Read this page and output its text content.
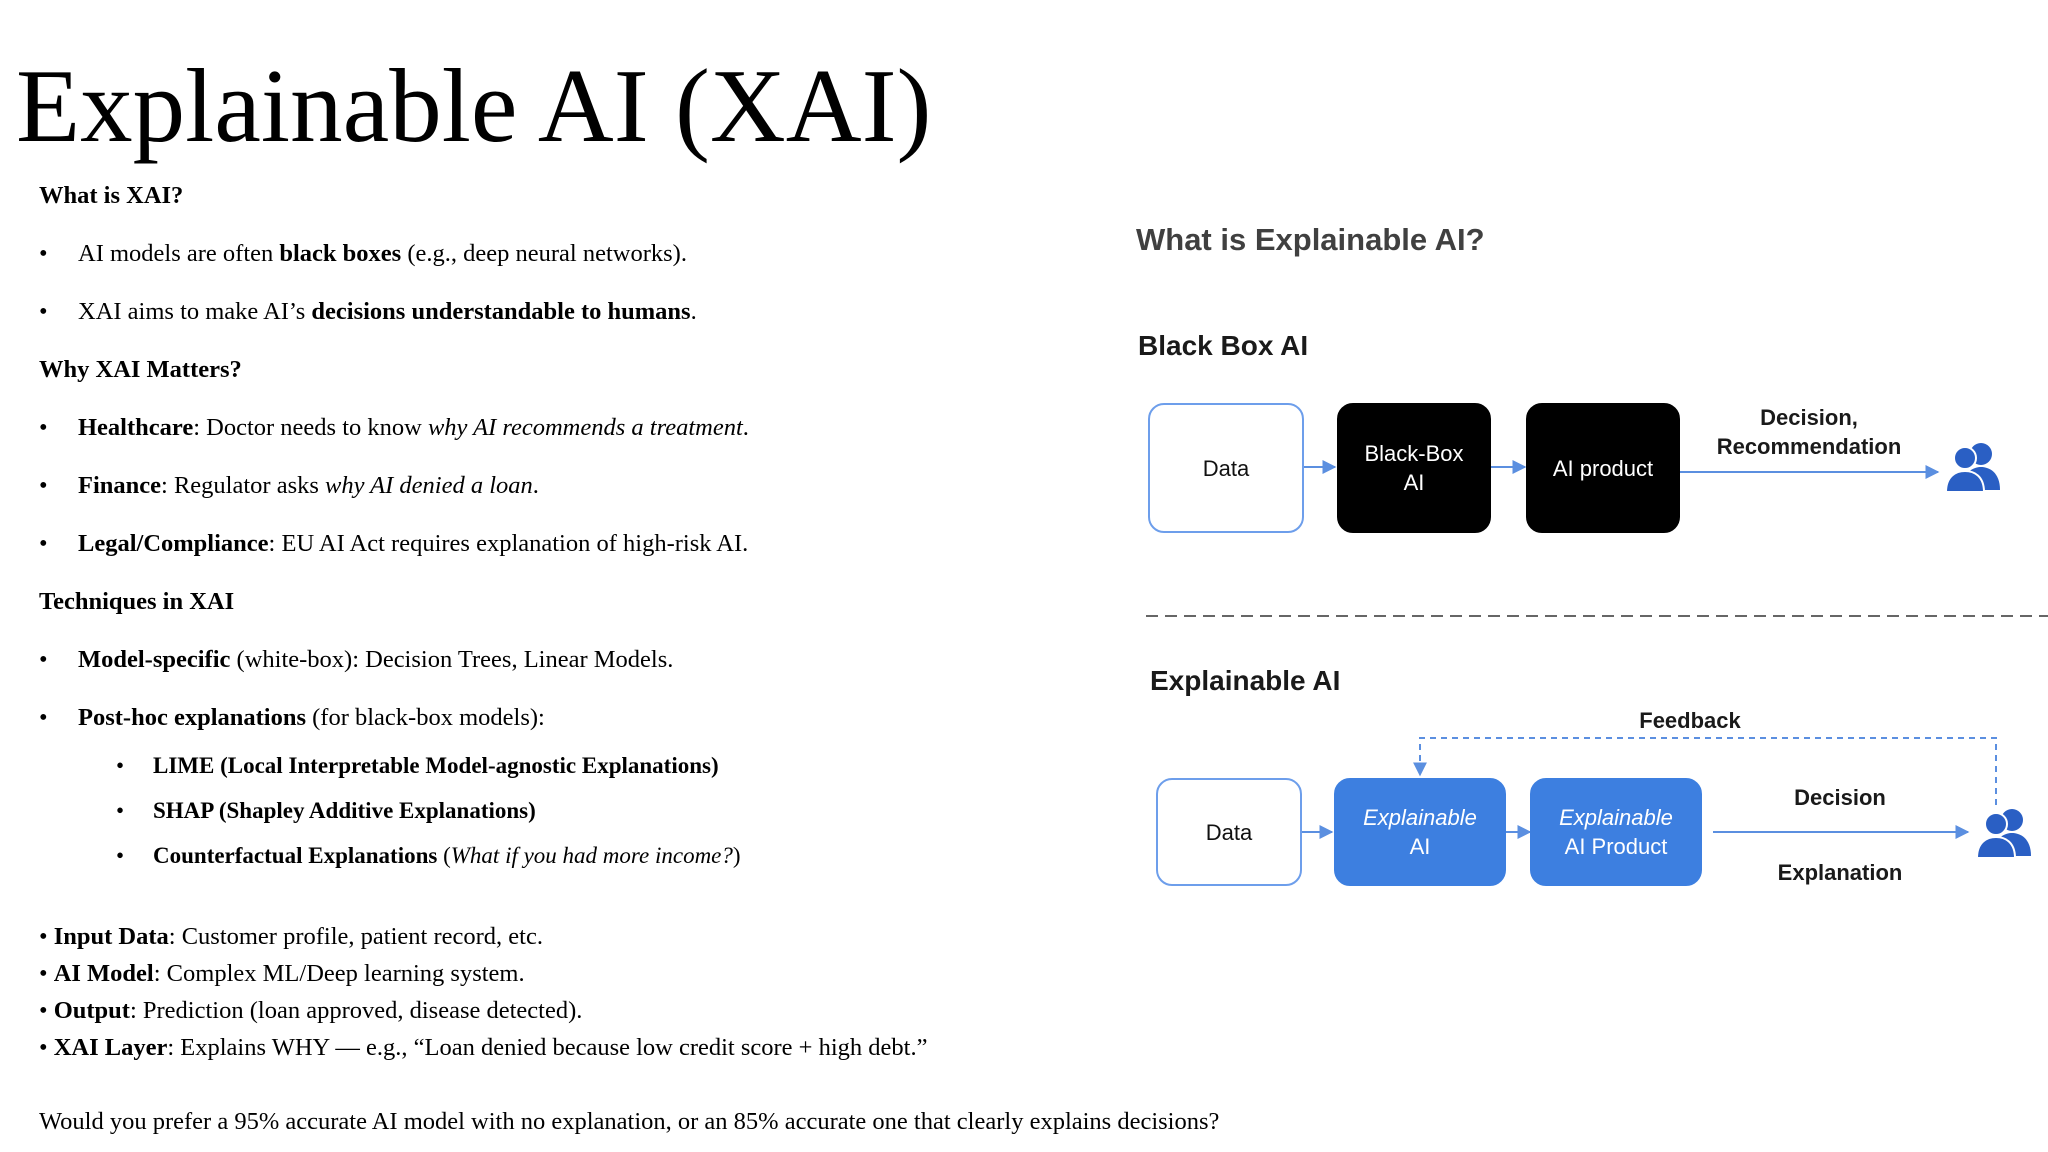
Explainable AI (XAI)
What is XAI?
• AI models are often black boxes (e.g., deep neural networks).
• XAI aims to make AI’s decisions understandable to humans.
Why XAI Matters?
• Healthcare: Doctor needs to know why AI recommends a treatment.
• Finance: Regulator asks why AI denied a loan.
• Legal/Compliance: EU AI Act requires explanation of high-risk AI.
Techniques in XAI
• Model-specific (white-box): Decision Trees, Linear Models.
• Post-hoc explanations (for black-box models):
• LIME (Local Interpretable Model-agnostic Explanations)
• SHAP (Shapley Additive Explanations)
• Counterfactual Explanations (What if you had more income?)
• Input Data: Customer profile, patient record, etc.
• AI Model: Complex ML/Deep learning system.
• Output: Prediction (loan approved, disease detected).
• XAI Layer: Explains WHY — e.g., “Loan denied because low credit score + high debt.”
Would you prefer a 95% accurate AI model with no explanation, or an 85% accurate one that clearly explains decisions?
What is Explainable AI?
Black Box AI
Data
Black-Box
AI
AI product
Decision,
Recommendation
Explainable AI
Feedback
Data
Explainable
AI
Explainable
AI Product
Decision
Explanation
